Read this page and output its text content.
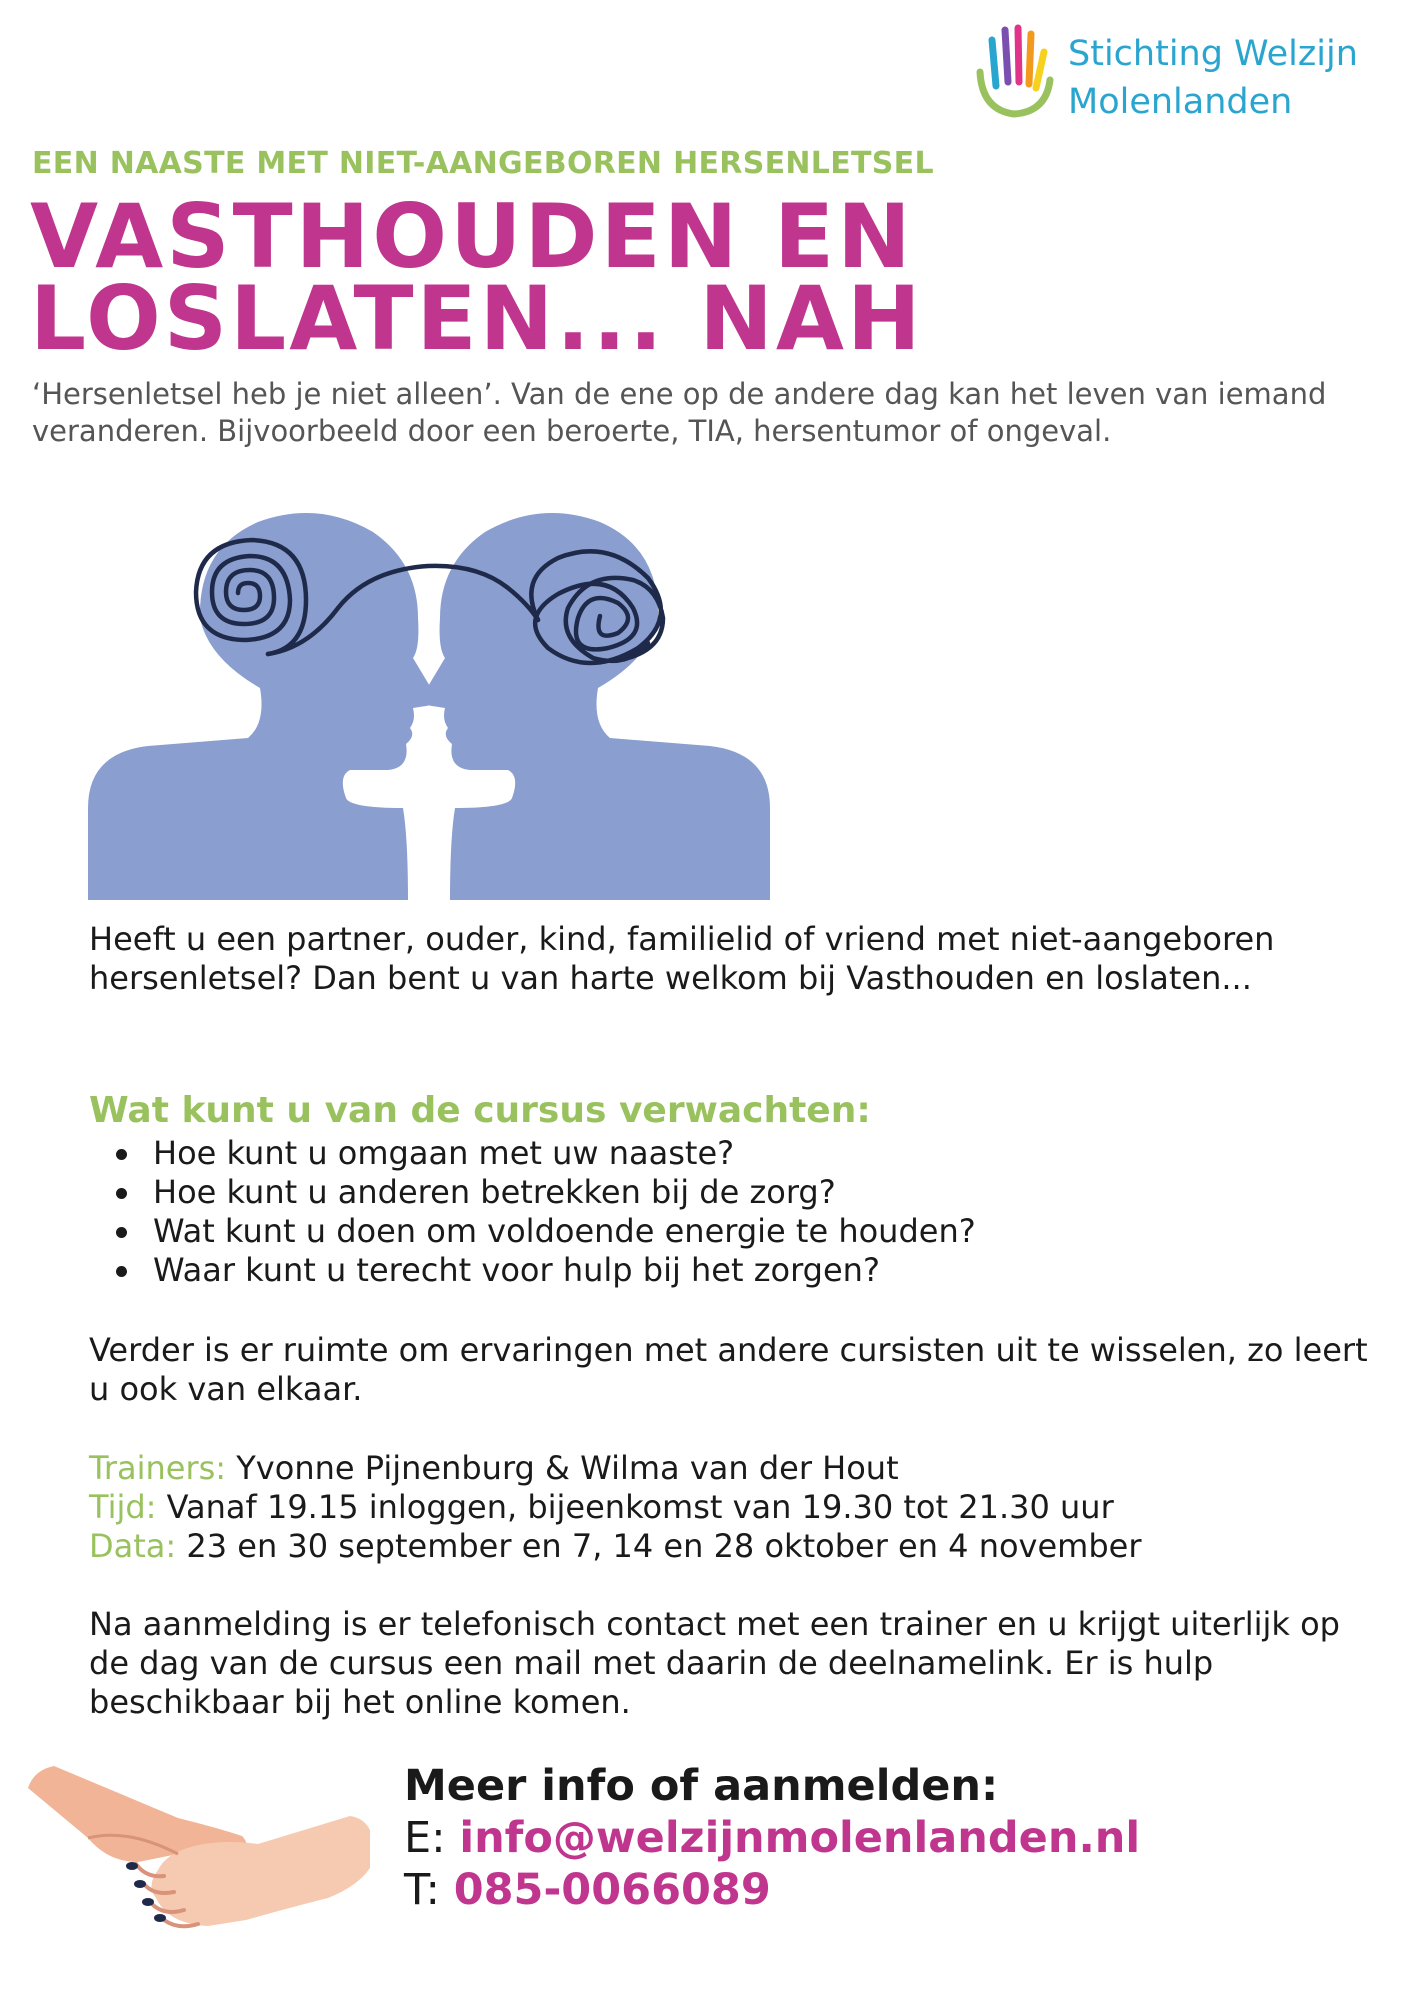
Stichting Welzijn
Molenlanden
EEN NAASTE MET NIET-AANGEBOREN HERSENLETSEL
VASTHOUDEN EN
LOSLATEN... NAH

‘Hersenletsel heb je niet alleen’. Van de ene op de andere dag kan het leven van iemand veranderen. Bijvoorbeeld door een beroerte, TIA, hersentumor of ongeval.

Heeft u een partner, ouder, kind, familielid of vriend met niet-aangeboren hersenletsel? Dan bent u van harte welkom bij Vasthouden en loslaten...

Wat kunt u van de cursus verwachten:
Hoe kunt u omgaan met uw naaste?
Hoe kunt u anderen betrekken bij de zorg?
Wat kunt u doen om voldoende energie te houden?
Waar kunt u terecht voor hulp bij het zorgen?

Verder is er ruimte om ervaringen met andere cursisten uit te wisselen, zo leert u ook van elkaar.

Trainers: Yvonne Pijnenburg & Wilma van der Hout
Tijd: Vanaf 19.15 inloggen, bijeenkomst van 19.30 tot 21.30 uur
Data: 23 en 30 september en 7, 14 en 28 oktober en 4 november

Na aanmelding is er telefonisch contact met een trainer en u krijgt uiterlijk op de dag van de cursus een mail met daarin de deelnamelink. Er is hulp beschikbaar bij het online komen.

Meer info of aanmelden:
E: info@welzijnmolenlanden.nl
T: 085-0066089
